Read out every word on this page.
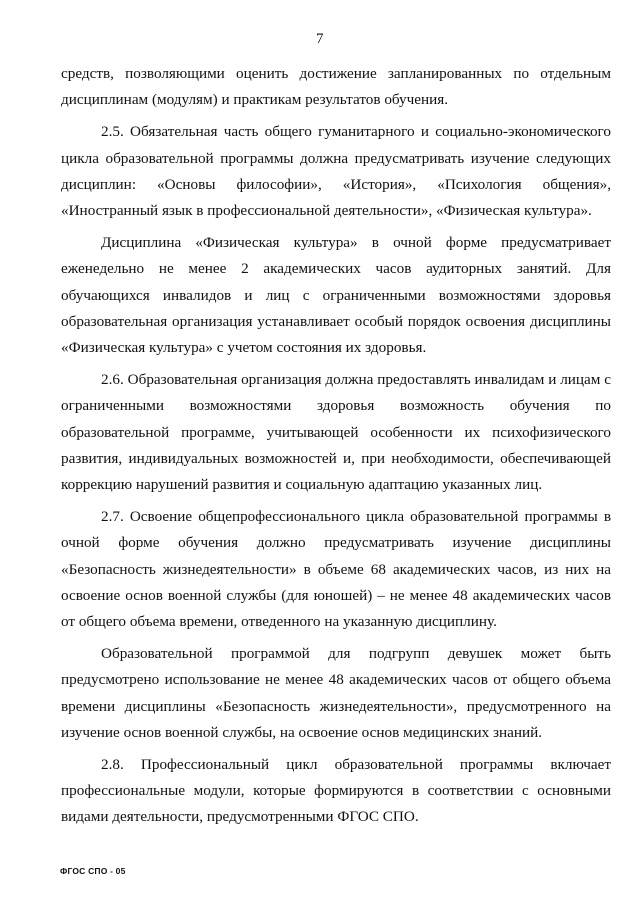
7

средств, позволяющими оценить достижение запланированных по отдельным дисциплинам (модулям) и практикам результатов обучения.

2.5. Обязательная часть общего гуманитарного и социально-экономического цикла образовательной программы должна предусматривать изучение следующих дисциплин: «Основы философии», «История», «Психология общения», «Иностранный язык в профессиональной деятельности», «Физическая культура».

Дисциплина «Физическая культура» в очной форме предусматривает еженедельно не менее 2 академических часов аудиторных занятий. Для обучающихся инвалидов и лиц с ограниченными возможностями здоровья образовательная организация устанавливает особый порядок освоения дисциплины «Физическая культура» с учетом состояния их здоровья.

2.6. Образовательная организация должна предоставлять инвалидам и лицам с ограниченными возможностями здоровья возможность обучения по образовательной программе, учитывающей особенности их психофизического развития, индивидуальных возможностей и, при необходимости, обеспечивающей коррекцию нарушений развития и социальную адаптацию указанных лиц.

2.7. Освоение общепрофессионального цикла образовательной программы в очной форме обучения должно предусматривать изучение дисциплины «Безопасность жизнедеятельности» в объеме 68 академических часов, из них на освоение основ военной службы (для юношей) – не менее 48 академических часов от общего объема времени, отведенного на указанную дисциплину.

Образовательной программой для подгрупп девушек может быть предусмотрено использование не менее 48 академических часов от общего объема времени дисциплины «Безопасность жизнедеятельности», предусмотренного на изучение основ военной службы, на освоение основ медицинских знаний.

2.8. Профессиональный цикл образовательной программы включает профессиональные модули, которые формируются в соответствии с основными видами деятельности, предусмотренными ФГОС СПО.

ФГОС СПО - 05
